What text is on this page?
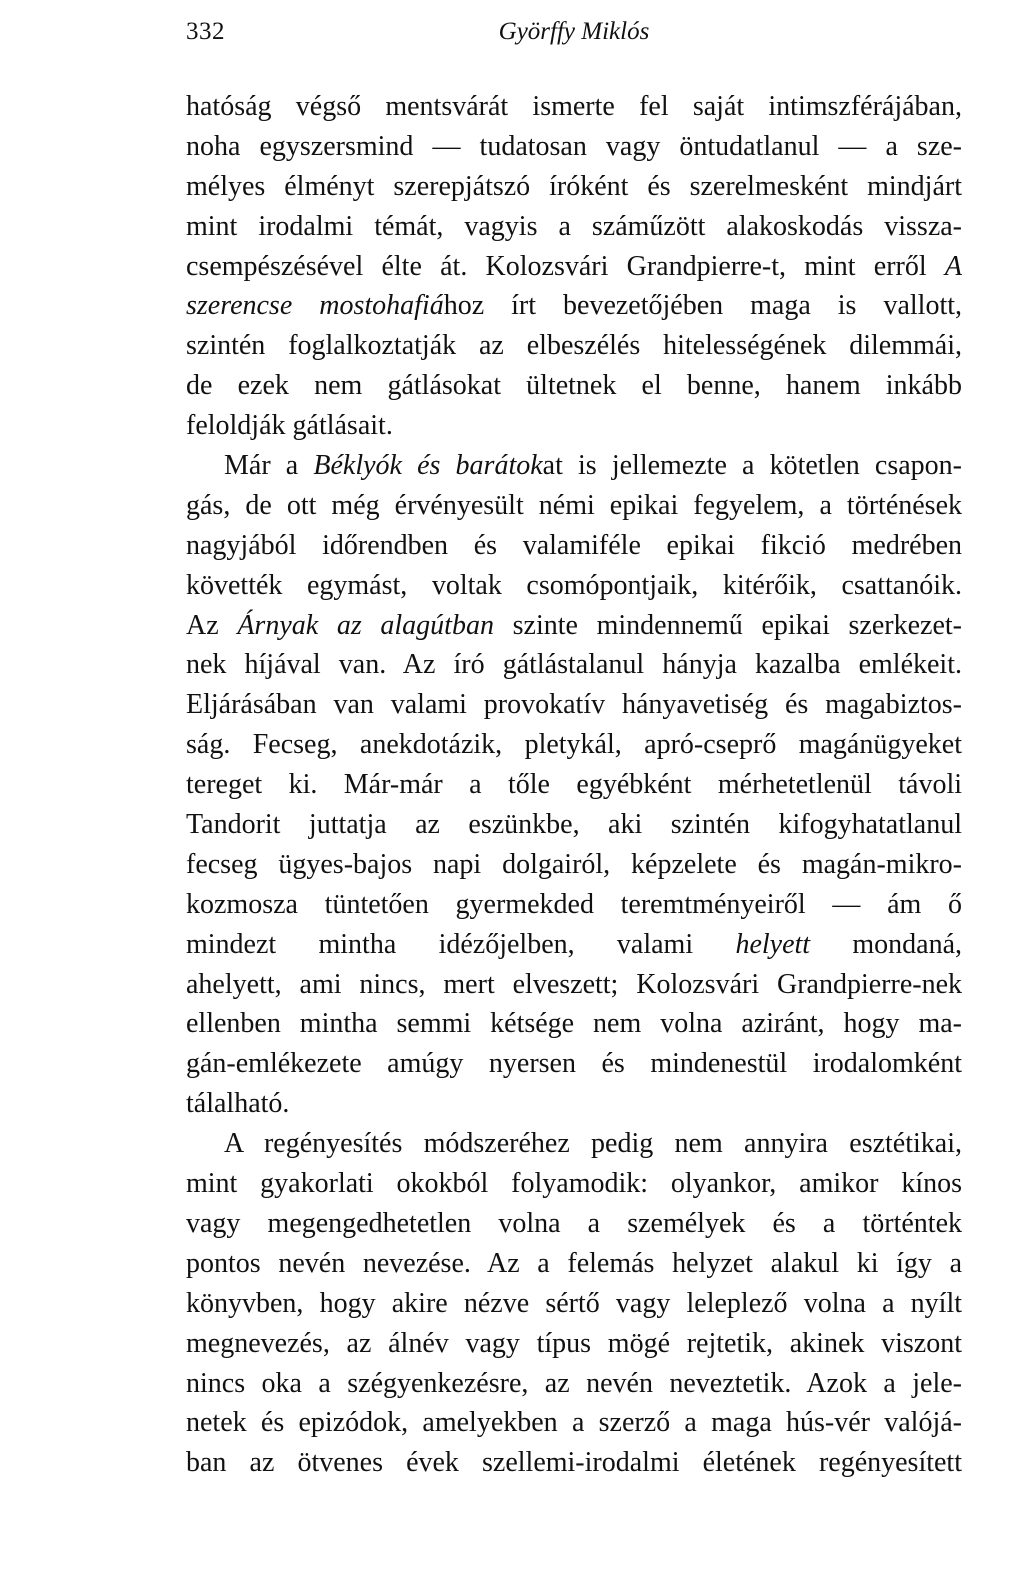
332	Györffy Miklós
hatóság végső mentsvárát ismerte fel saját intimszférájában,
noha egyszersmind — tudatosan vagy öntudatlanul — a sze-
mélyes élményt szerepjátszó íróként és szerelmesként mindjárt
mint irodalmi témát, vagyis a száműzött alakoskodás vissza-
csempészésével élte át. Kolozsvári Grandpierre-t, mint erről A
szerencse mostohafiához írt bevezetőjében maga is vallott,
szintén foglalkoztatják az elbeszélés hitelességének dilemmái,
de ezek nem gátlásokat ültetnek el benne, hanem inkább
feloldják gátlásait.
Már a Béklyók és barátokat is jellemezte a kötetlen csapon-
gás, de ott még érvényesült némi epikai fegyelem, a történések
nagyjából időrendben és valamiféle epikai fikció medrében
követték egymást, voltak csomópontjaik, kitérőik, csattanóik.
Az Árnyak az alagútban szinte mindennemű epikai szerkezet-
nek híjával van. Az író gátlástalanul hányja kazalba emlékeit.
Eljárásában van valami provokatív hányavetiség és magabiztos-
ság. Fecseg, anekdotázik, pletykál, apró-cseprő magánügyeket
tereget ki. Már-már a tőle egyébként mérhetetlenül távoli
Tandorit juttatja az eszünkbe, aki szintén kifogyhatatlanul
fecseg ügyes-bajos napi dolgairól, képzelete és magán-mikro-
kozmosza tüntetően gyermekded teremtményeiről — ám ő
mindezt mintha idézőjelben, valami helyett mondaná,
ahelyett, ami nincs, mert elveszett; Kolozsvári Grandpierre-nek
ellenben mintha semmi kétsége nem volna aziránt, hogy ma-
gán-emlékezete amúgy nyersen és mindenestül irodalomként
tálalható.
A regényesítés módszeréhez pedig nem annyira esztétikai,
mint gyakorlati okokból folyamodik: olyankor, amikor kínos
vagy megengedhetetlen volna a személyek és a történtek
pontos nevén nevezése. Az a felemás helyzet alakul ki így a
könyvben, hogy akire nézve sértő vagy leleplező volna a nyílt
megnevezés, az álnév vagy típus mögé rejtetik, akinek viszont
nincs oka a szégyenkezésre, az nevén neveztetik. Azok a jele-
netek és epizódok, amelyekben a szerző a maga hús-vér valójá-
ban az ötvenes évek szellemi-irodalmi életének regényesített
